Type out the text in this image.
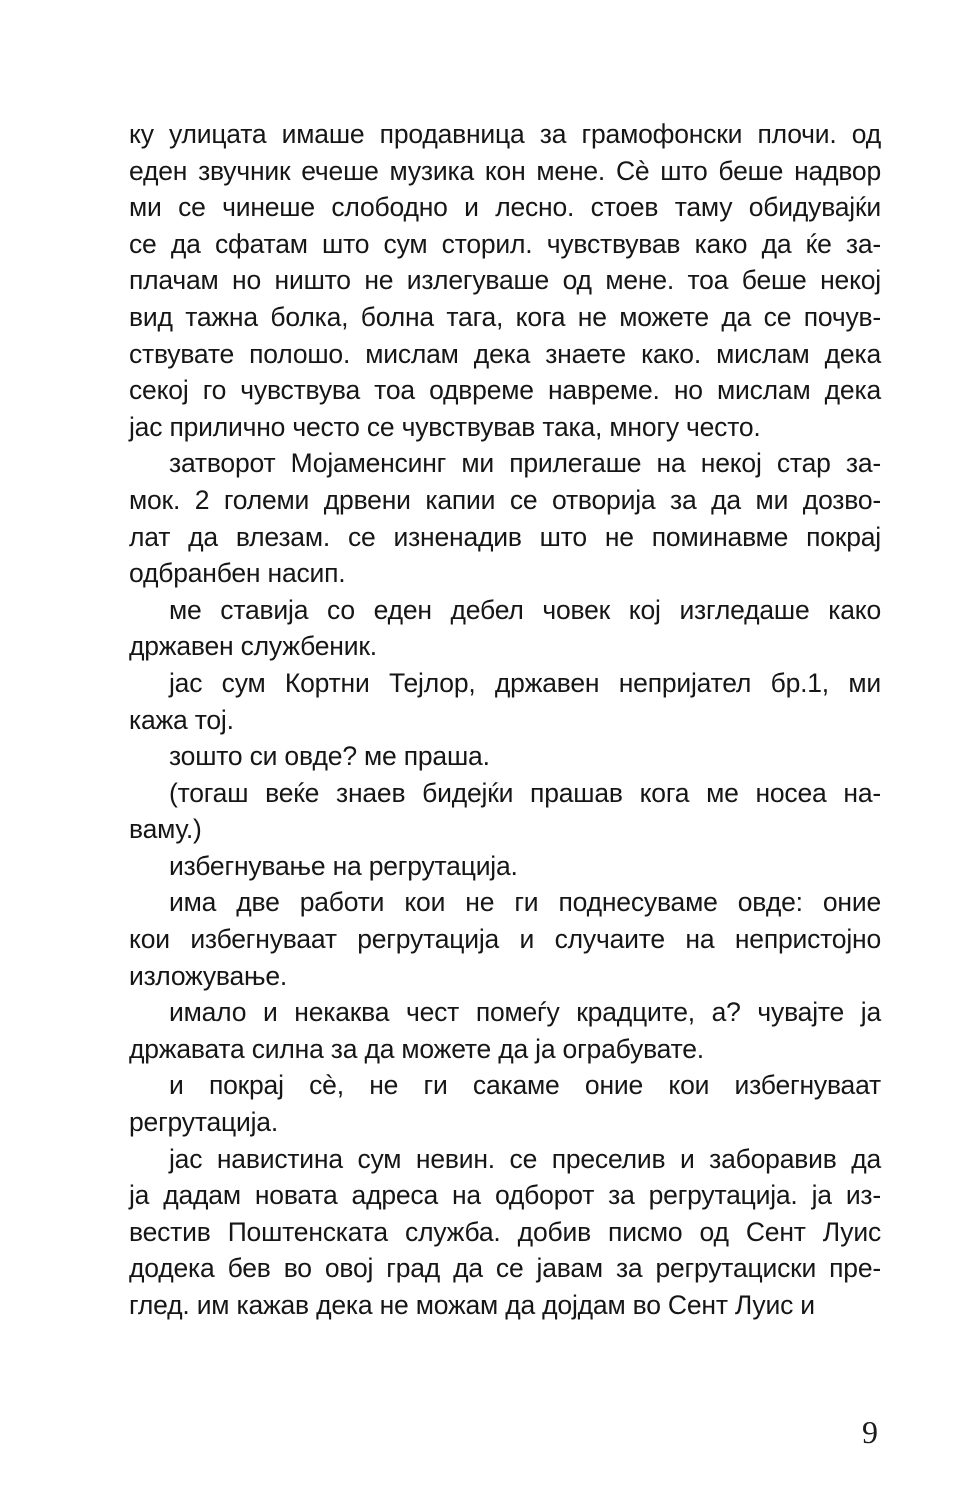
ку улицата имаше продавница за грамофонски плочи. од
еден звучник ечеше музика кон мене. Сè што беше надвор
ми се чинеше слободно и лесно. стоев таму обидувајќи
се да сфатам што сум сторил. чувствував како да ќе за-
плачам но ништо не излегуваше од мене. тоа беше некој
вид тажна болка, болна тага, кога не можете да се почув-
ствувате полошо. мислам дека знаете како. мислам дека
секој го чувствува тоа одвреме навреме. но мислам дека
јас прилично често се чувствував така, многу често.
затворот Мојаменсинг ми прилегаше на некој стар за-
мок. 2 големи дрвени капии се отворија за да ми дозво-
лат да влезам. се изненадив што не поминавме покрај
одбранбен насип.
ме ставија со еден дебел човек кој изгледаше како
државен службеник.
јас сум Кортни Тејлор, државен непријател бр.1, ми
кажа тој.
зошто си овде? ме праша.
(тогаш веќе знаев бидејќи прашав кога ме носеа на-
ваму.)
избегнување на регрутација.
има две работи кои не ги поднесуваме овде: оние
кои избегнуваат регрутација и случаите на непристојно
изложување.
имало и некаква чест помеѓу крадците, а? чувајте ја
државата силна за да можете да ја ограбувате.
и покрај сè, не ги сакаме оние кои избегнуваат
регрутација.
јас навистина сум невин. се преселив и заборавив да
ја дадам новата адреса на одборот за регрутација. ја из-
вестив Поштенската служба. добив писмо од Сент Луис
додека бев во овој град да се јавам за регрутациски пре-
глед. им кажав дека не можам да дојдам во Сент Луис и
9
